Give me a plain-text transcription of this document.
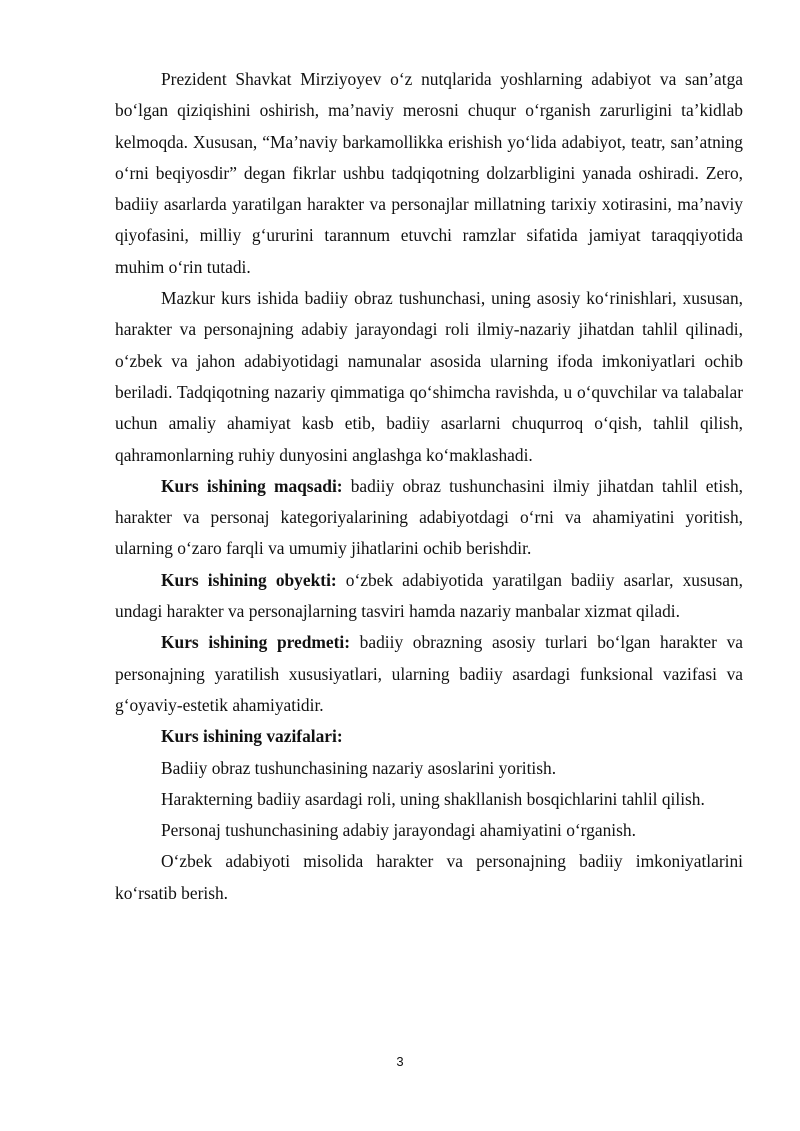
Prezident Shavkat Mirziyoyev o‘z nutqlarida yoshlarning adabiyot va san’atga bo‘lgan qiziqishini oshirish, ma’naviy merosni chuqur o‘rganish zarurligini ta’kidlab kelmoqda. Xususan, “Ma’naviy barkamollikka erishish yo‘lida adabiyot, teatr, san’atning o‘rni beqiyosdir” degan fikrlar ushbu tadqiqotning dolzarbligini yanada oshiradi. Zero, badiiy asarlarda yaratilgan harakter va personajlar millatning tarixiy xotirasini, ma’naviy qiyofasini, milliy g‘ururini tarannum etuvchi ramzlar sifatida jamiyat taraqqiyotida muhim o‘rin tutadi.

Mazkur kurs ishida badiiy obraz tushunchasi, uning asosiy ko‘rinishlari, xususan, harakter va personajning adabiy jarayondagi roli ilmiy-nazariy jihatdan tahlil qilinadi, o‘zbek va jahon adabiyotidagi namunalar asosida ularning ifoda imkoniyatlari ochib beriladi. Tadqiqotning nazariy qimmatiga qo‘shimcha ravishda, u o‘quvchilar va talabalar uchun amaliy ahamiyat kasb etib, badiiy asarlarni chuqurroq o‘qish, tahlil qilish, qahramonlarning ruhiy dunyosini anglashga ko‘maklashadi.

Kurs ishining maqsadi: badiiy obraz tushunchasini ilmiy jihatdan tahlil etish, harakter va personaj kategoriyalarining adabiyotdagi o‘rni va ahamiyatini yoritish, ularning o‘zaro farqli va umumiy jihatlarini ochib berishdir.

Kurs ishining obyekti: o‘zbek adabiyotida yaratilgan badiiy asarlar, xususan, undagi harakter va personajlarning tasviri hamda nazariy manbalar xizmat qiladi.

Kurs ishining predmeti: badiiy obrazning asosiy turlari bo‘lgan harakter va personajning yaratilish xususiyatlari, ularning badiiy asardagi funksional vazifasi va g‘oyaviy-estetik ahamiyatidir.

Kurs ishining vazifalari:

Badiiy obraz tushunchasining nazariy asoslarini yoritish.

Harakterning badiiy asardagi roli, uning shakllanish bosqichlarini tahlil qilish.

Personaj tushunchasining adabiy jarayondagi ahamiyatini o‘rganish.

O‘zbek adabiyoti misolida harakter va personajning badiiy imkoniyatlarini ko‘rsatib berish.

3
